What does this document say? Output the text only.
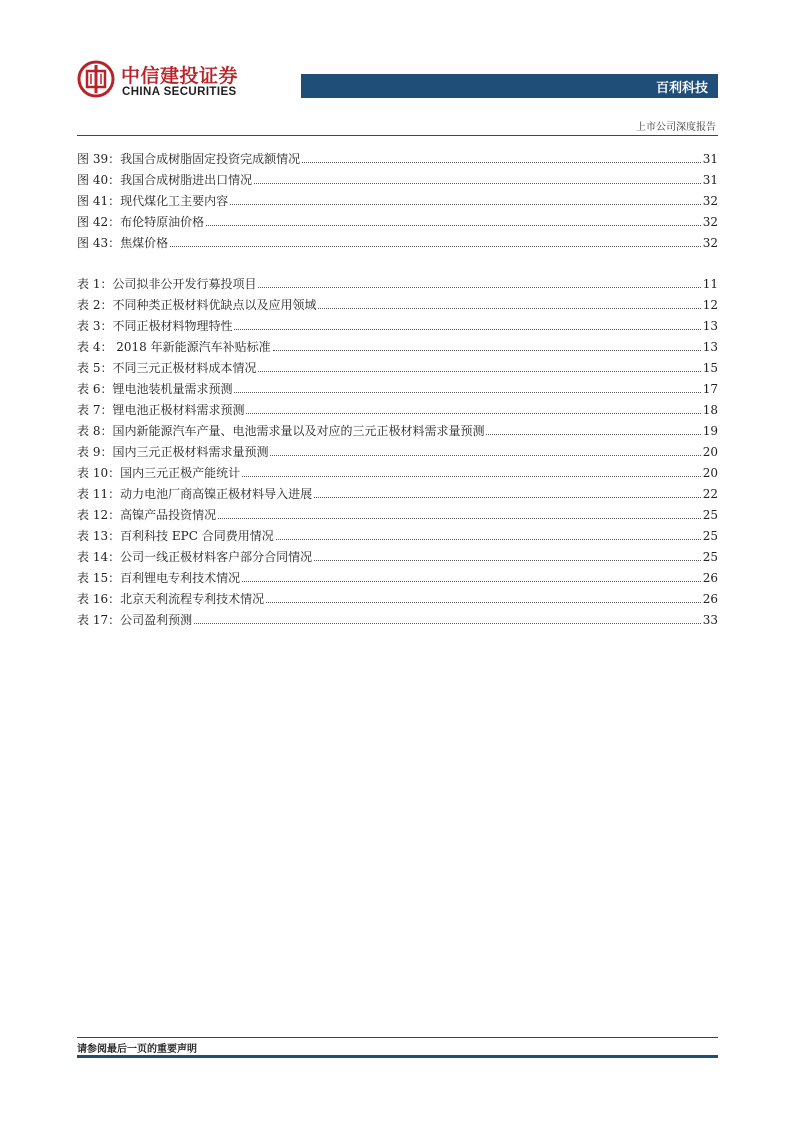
中信建投证券
CHINA SECURITIES	百利科技
上市公司深度报告
图 39：我国合成树脂固定投资完成额情况	31
图 40：我国合成树脂进出口情况	31
图 41：现代煤化工主要内容	32
图 42：布伦特原油价格	32
图 43：焦煤价格	32
表 1：公司拟非公开发行募投项目	11
表 2：不同种类正极材料优缺点以及应用领域	12
表 3：不同正极材料物理特性	13
表 4： 2018 年新能源汽车补贴标准	13
表 5：不同三元正极材料成本情况	15
表 6：锂电池装机量需求预测	17
表 7：锂电池正极材料需求预测	18
表 8：国内新能源汽车产量、电池需求量以及对应的三元正极材料需求量预测	19
表 9：国内三元正极材料需求量预测	20
表 10：国内三元正极产能统计	20
表 11：动力电池厂商高镍正极材料导入进展	22
表 12：高镍产品投资情况	25
表 13：百利科技 EPC 合同费用情况	25
表 14：公司一线正极材料客户部分合同情况	25
表 15：百利锂电专利技术情况	26
表 16：北京天利流程专利技术情况	26
表 17：公司盈利预测	33
请参阅最后一页的重要声明
